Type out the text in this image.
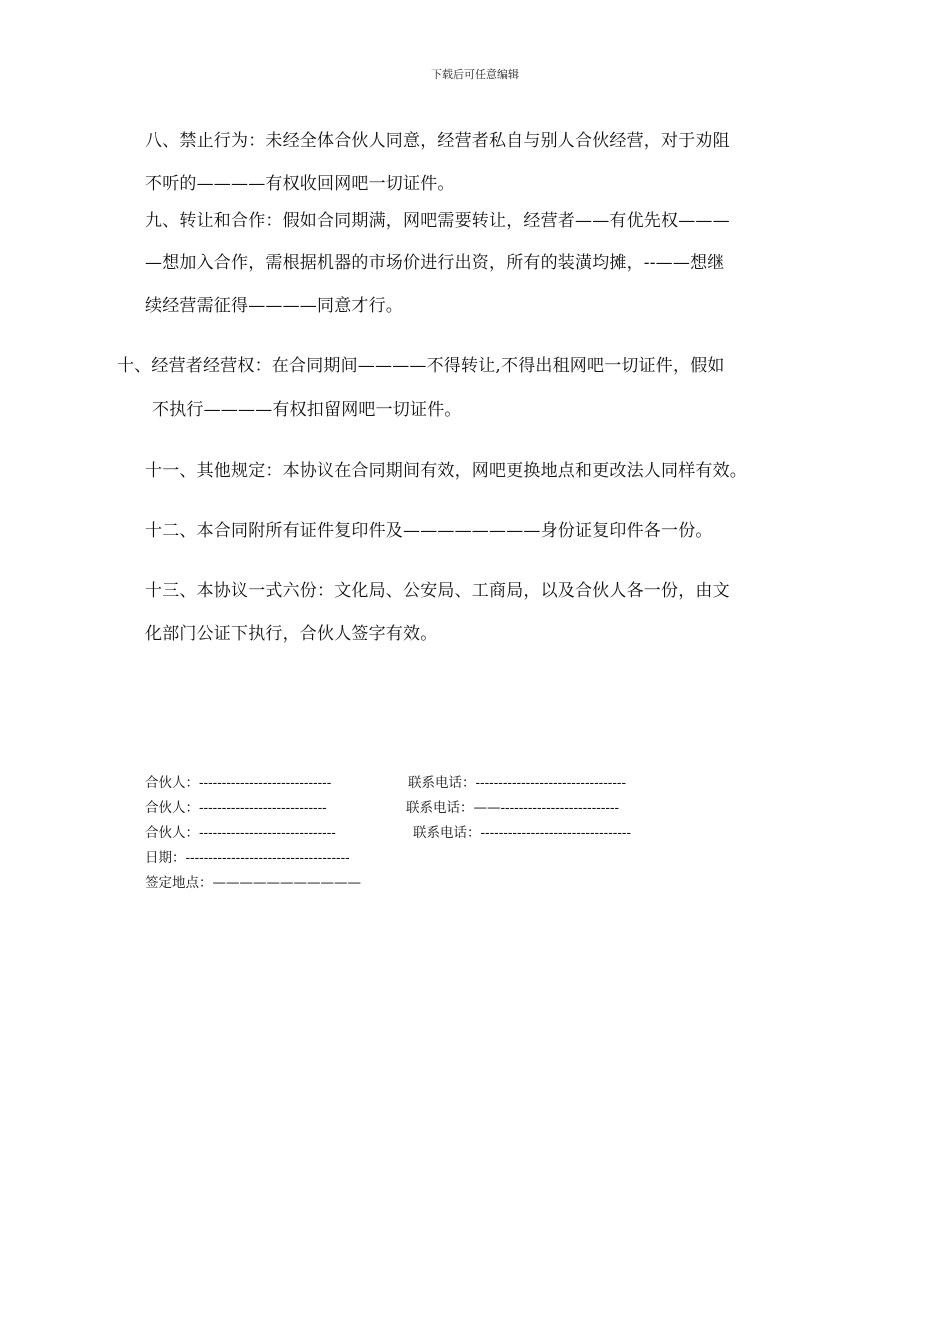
下载后可任意编辑
八、禁止行为：未经全体合伙人同意，经营者私自与别人合伙经营，对于劝阻
不听的————有权收回网吧一切证件。
九、转让和合作：假如合同期满，网吧需要转让，经营者——有优先权———
—想加入合作，需根据机器的市场价进行出资，所有的装潢均摊，--——想继
续经营需征得————同意才行。
十、经营者经营权：在合同期间————不得转让,不得出租网吧一切证件，假如
不执行————有权扣留网吧一切证件。
十一、其他规定：本协议在合同期间有效，网吧更换地点和更改法人同样有效。
十二、本合同附所有证件复印件及————————身份证复印件各一份。
十三、本协议一式六份：文化局、公安局、工商局，以及合伙人各一份，由文
化部门公证下执行，合伙人签字有效。
合伙人：-----------------------------	联系电话：---------------------------------
合伙人：----------------------------	联系电话：——--------------------------
合伙人：------------------------------	联系电话：---------------------------------
日期：------------------------------------
签定地点：———————————
